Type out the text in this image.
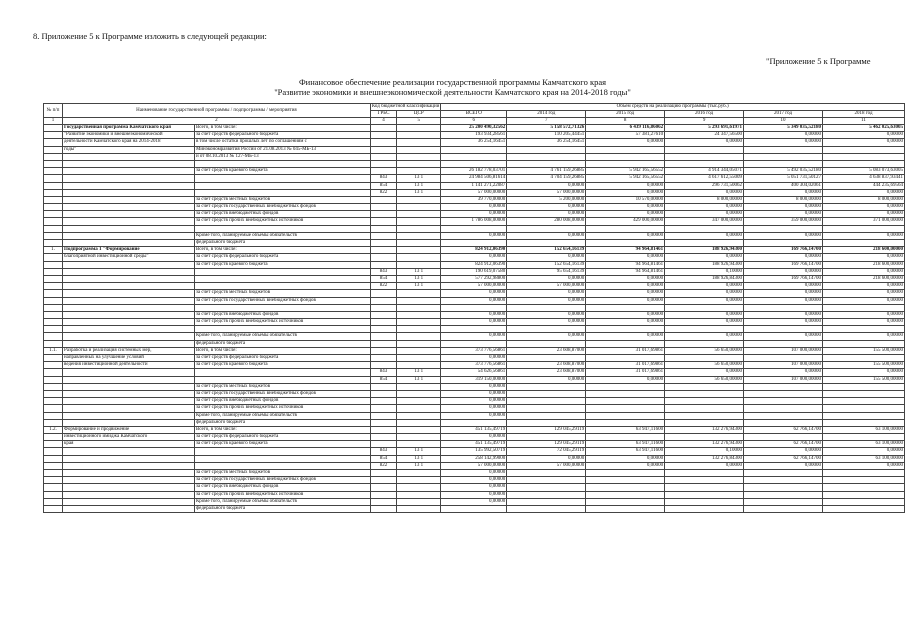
8. Приложение 5 к Программе изложить в следующей редакции:
"Приложение 5 к Программе
Финансовое обеспечение реализации государственной программы Камчатского края
"Развитие экономики и внешнеэкономической деятельности Камчатского края на 2014-2018 годы"
№ п/п	Наименование государственной программы / подпрограммы / мероприятия		Код бюджетной классификации		Объем средств на реализацию программы (тыс.руб.)					
			ГРБС	ЦСР	ВСЕГО	2014 год	2015 год	2016 год	2017 год	2018 год
1	2		4	5	6	7	8	9	10	11
	Государственная программа Камчатского края	Всего, в том числе:			25 200 490,32562	5 158 572,71326	6 439 116,86062	5 293 691,61971	5 349 035,52180	5 462 025,63005
	"Развитие экономики и внешнеэкономической	за счет средств федерального бюджета			193 934,28561	110 205,44451	57 381,27610	24 347,56500	0,00000	0,00000
	деятельности Камчатского края на 2014-2018	в том числе остатки прошлых лет по соглашениям с			36 254,16451	36 254,16451	0,00000	0,00000	0,00000	0,00000
	годы"	Минэкономразвития России от 21.08.2013 № 045-МБ-13								
		и от 08.10.2013 № 127-МБ-13								

		за счет средств краевого бюджета			26 182 778,03701	4 761 159,26885	5 942 165,56552	4 914 344,05071	5 492 035,52180	5 083 073,63005
			843	13 1	24 984 506,81614	4 704 159,26885	5 942 165,56552	4 617 612,55009	5 051 731,50127	4 638 837,93441
			854	13 1	1 141 271,22087	0,00000	0,00000	296 731,50062	400 304,02061	444 235,69564
			822	13 1	57 000,00000	57 000,00000	0,00000	0,00000	0,00000	0,00000
		за счет средств местных бюджетов			39 770,00000	5 200,00000	10 570,00000	8 000,00000	8 000,00000	8 000,00000
		за счет средств государственных внебюджетных фондов			0,00000	0,00000	0,00000	0,00000	0,00000	0,00000
		за счет средств внебюджетных фондов			0,00000	0,00000	0,00000	0,00000	0,00000	0,00000
		за счет средств прочих внебюджетных источников			1 786 008,00000	280 008,00000	429 000,00000	347 000,00000	359 000,00000	371 000,00000

		Кроме того, планируемые объемы обязательств			0,00000	0,00000	0,00000	0,00000	0,00000	0,00000
		федерального бюджета								
1.	Подпрограмма 1 "Формирование	Всего, в том числе:			824 912,06390	152 654,16139	94 964,81461	188 926,94300	169 766,14700	218 600,00000
	благоприятной инвестиционной среды"	за счет средств федерального бюджета			0,00000	0,00000	0,00000	0,00000	0,00000	0,00000
		за счет средств краевого бюджета			824 912,06390	152 654,16139	94 964,81461	188 926,94300	169 766,14700	218 600,00000
			843	13 1	190 619,07580	95 654,16139	94 964,81461	0,10000	0,00000	0,00000
			854	13 1	577 292,98800	0,00000	0,00000	188 926,84300	169 766,14700	218 600,00000
			822	13 1	57 000,00000	57 000,00000	0,00000	0,00000	0,00000	0,00000
		за счет средств местных бюджетов			0,00000	0,00000	0,00000	0,00000	0,00000	0,00000
		за счет средств государственных внебюджетных фондов			0,00000	0,00000	0,00000	0,00000	0,00000	0,00000

		за счет средств внебюджетных фондов			0,00000	0,00000	0,00000	0,00000	0,00000	0,00000
		за счет средств прочих внебюджетных источников			0,00000	0,00000	0,00000	0,00000	0,00000	0,00000

		Кроме того, планируемые объемы обязательств			0,00000	0,00000	0,00000	0,00000	0,00000	0,00000
		федерального бюджета								
1.1.	Разработка и реализация системных мер,	Всего, в том числе:			373 776,56861	23 608,87000	31 017,69861	56 650,00000	107 000,00000	155 500,00000
	направленных на улучшение условий	за счет средств федерального бюджета			0,00000					
	ведения инвестиционной деятельности	за счет средств краевого бюджета			373 776,56861	23 608,87000	31 017,69861	56 650,00000	107 000,00000	155 500,00000
			843	13 1	54 626,56861	23 608,87000	31 017,69861	0,00000	0,00000	0,00000
			854	13 1	319 150,00000	0,00000	0,00000	56 650,00000	107 000,00000	155 500,00000
		за счет средств местных бюджетов			0,00000					
		за счет средств государственных внебюджетных фондов			0,00000					
		за счет средств внебюджетных фондов			0,00000					
		за счет средств прочих внебюджетных источников			0,00000					
		Кроме того, планируемые объемы обязательств			0,00000					
		федерального бюджета								
1.2.	Формирование и продвижение	Всего, в том числе:			451 135,49719	129 045,29119	63 947,11600	132 276,94300	62 766,14700	63 100,00000
	инвестиционного имиджа Камчатского	за счет средств федерального бюджета			0,00000					
	края	за счет средств краевого бюджета			451 135,49719	129 045,29119	63 947,11600	132 276,94300	62 766,14700	63 100,00000
			843	13 1	135 992,50719	72 045,29119	63 947,11600	0,10000	0,00000	0,00000
			854	13 1	258 142,99000	0,00000	0,00000	132 276,84300	62 766,14700	63 100,00000
			822	13 1	57 000,00000	57 000,00000	0,00000	0,00000	0,00000	0,00000
		за счет средств местных бюджетов			0,00000					
		за счет средств государственных внебюджетных фондов			0,00000					
		за счет средств внебюджетных фондов			0,00000					
		за счет средств прочих внебюджетных источников			0,00000					
		Кроме того, планируемые объемы обязательств			0,00000					
		федерального бюджета								
